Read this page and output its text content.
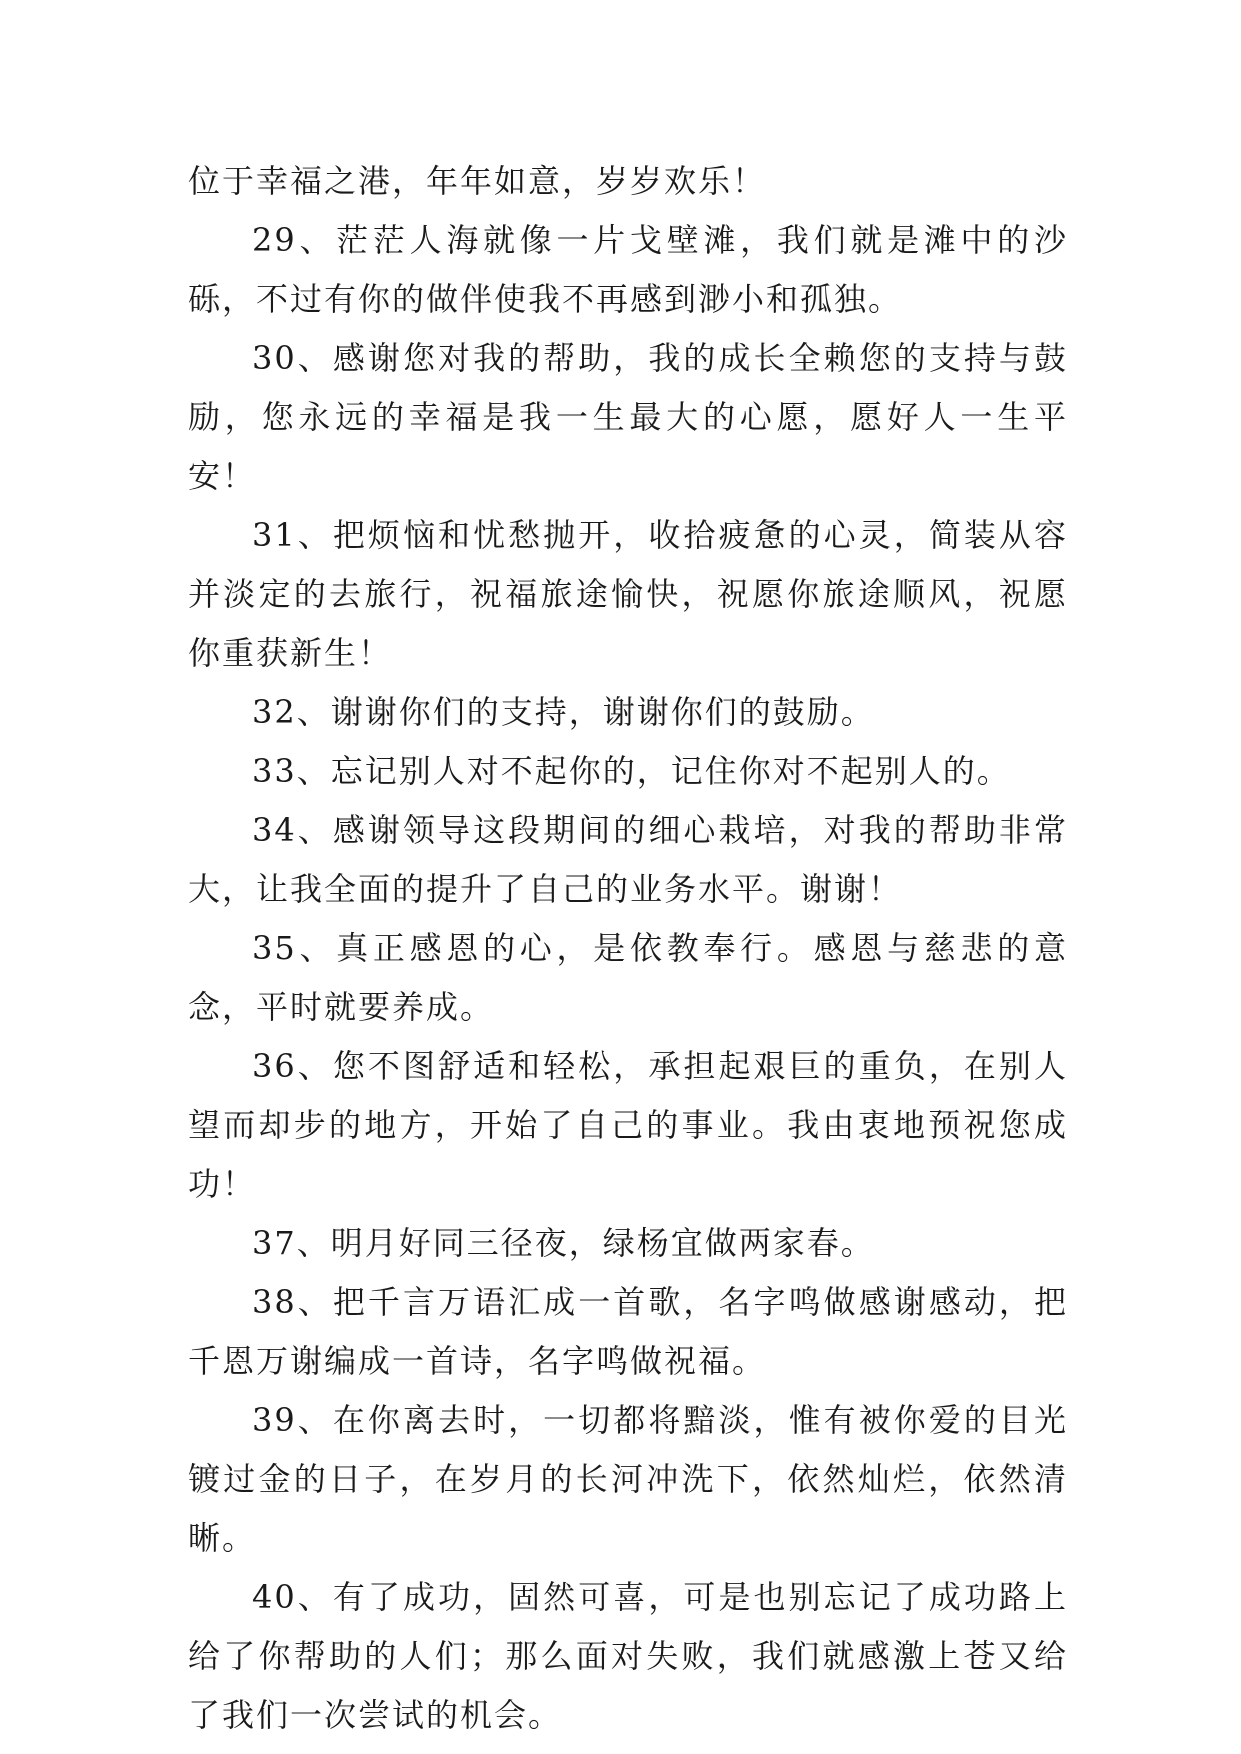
位于幸福之港，年年如意，岁岁欢乐！

29、茫茫人海就像一片戈壁滩，我们就是滩中的沙砾，不过有你的做伴使我不再感到渺小和孤独。

30、感谢您对我的帮助，我的成长全赖您的支持与鼓励，您永远的幸福是我一生最大的心愿，愿好人一生平安！

31、把烦恼和忧愁抛开，收拾疲惫的心灵，简装从容并淡定的去旅行，祝福旅途愉快，祝愿你旅途顺风，祝愿你重获新生！

32、谢谢你们的支持，谢谢你们的鼓励。

33、忘记别人对不起你的，记住你对不起别人的。

34、感谢领导这段期间的细心栽培，对我的帮助非常大，让我全面的提升了自己的业务水平。谢谢！

35、真正感恩的心，是依教奉行。感恩与慈悲的意念，平时就要养成。

36、您不图舒适和轻松，承担起艰巨的重负，在别人望而却步的地方，开始了自己的事业。我由衷地预祝您成功！

37、明月好同三径夜，绿杨宜做两家春。

38、把千言万语汇成一首歌，名字鸣做感谢感动，把千恩万谢编成一首诗，名字鸣做祝福。

39、在你离去时，一切都将黯淡，惟有被你爱的目光镀过金的日子，在岁月的长河冲洗下，依然灿烂，依然清晰。

40、有了成功，固然可喜，可是也别忘记了成功路上给了你帮助的人们；那么面对失败，我们就感激上苍又给了我们一次尝试的机会。
